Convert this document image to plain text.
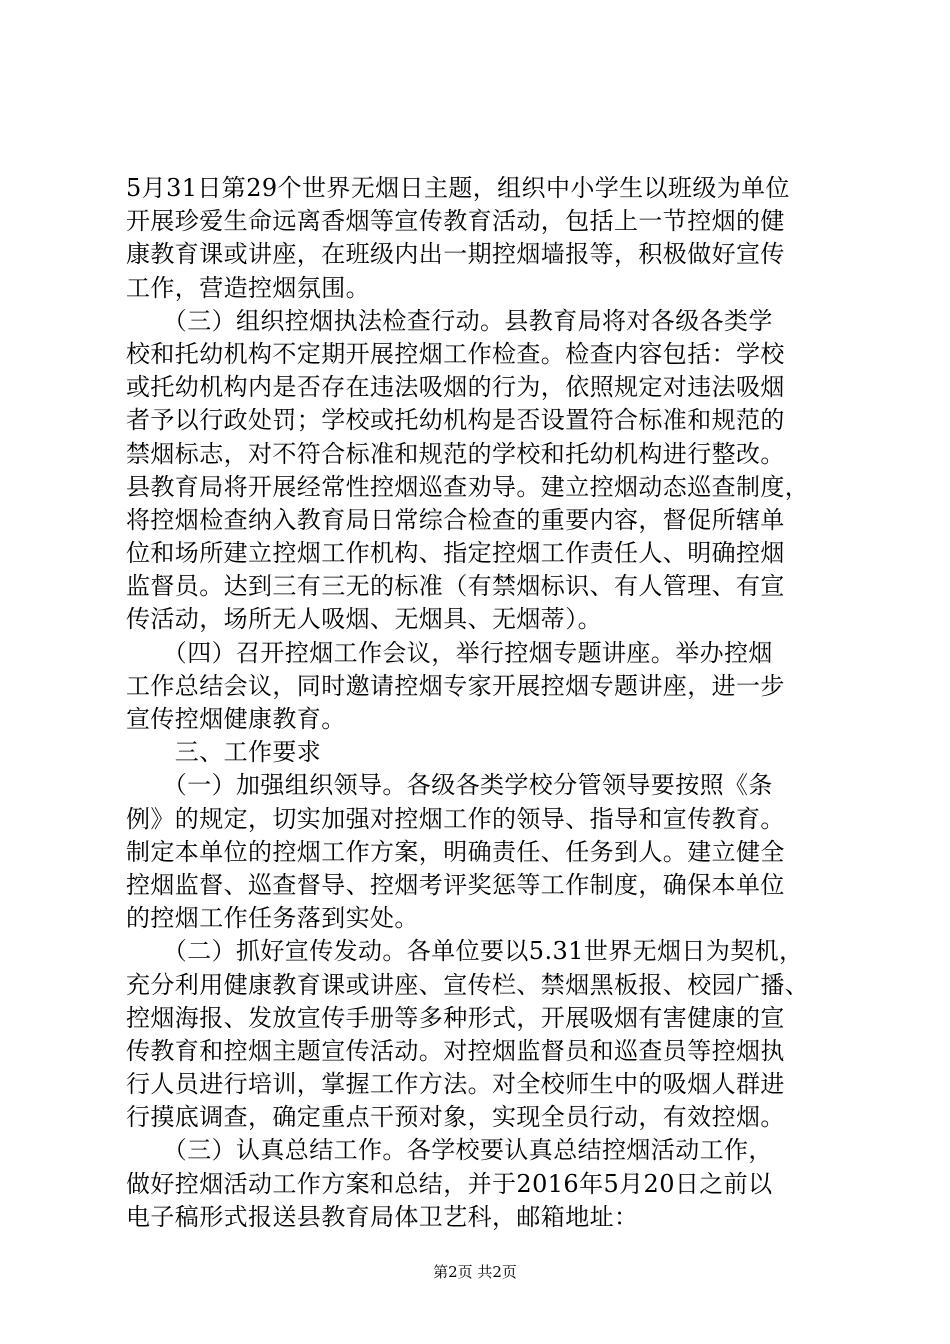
5月31日第29个世界无烟日主题，组织中小学生以班级为单位
开展珍爱生命远离香烟等宣传教育活动，包括上一节控烟的健
康教育课或讲座，在班级内出一期控烟墙报等，积极做好宣传
工作，营造控烟氛围。
　　（三）组织控烟执法检查行动。县教育局将对各级各类学
校和托幼机构不定期开展控烟工作检查。检查内容包括：学校
或托幼机构内是否存在违法吸烟的行为，依照规定对违法吸烟
者予以行政处罚；学校或托幼机构是否设置符合标准和规范的
禁烟标志，对不符合标准和规范的学校和托幼机构进行整改。
县教育局将开展经常性控烟巡查劝导。建立控烟动态巡查制度，
将控烟检查纳入教育局日常综合检查的重要内容，督促所辖单
位和场所建立控烟工作机构、指定控烟工作责任人、明确控烟
监督员。达到三有三无的标准（有禁烟标识、有人管理、有宣
传活动，场所无人吸烟、无烟具、无烟蒂）。
　　（四）召开控烟工作会议，举行控烟专题讲座。举办控烟
工作总结会议，同时邀请控烟专家开展控烟专题讲座，进一步
宣传控烟健康教育。
　　三、工作要求
　　（一）加强组织领导。各级各类学校分管领导要按照《条
例》的规定，切实加强对控烟工作的领导、指导和宣传教育。
制定本单位的控烟工作方案，明确责任、任务到人。建立健全
控烟监督、巡查督导、控烟考评奖惩等工作制度，确保本单位
的控烟工作任务落到实处。
　　（二）抓好宣传发动。各单位要以5.31世界无烟日为契机，
充分利用健康教育课或讲座、宣传栏、禁烟黑板报、校园广播、
控烟海报、发放宣传手册等多种形式，开展吸烟有害健康的宣
传教育和控烟主题宣传活动。对控烟监督员和巡查员等控烟执
行人员进行培训，掌握工作方法。对全校师生中的吸烟人群进
行摸底调查，确定重点干预对象，实现全员行动，有效控烟。
　　（三）认真总结工作。各学校要认真总结控烟活动工作，
做好控烟活动工作方案和总结，并于2016年5月20日之前以
电子稿形式报送县教育局体卫艺科，邮箱地址：
第2页 共2页
